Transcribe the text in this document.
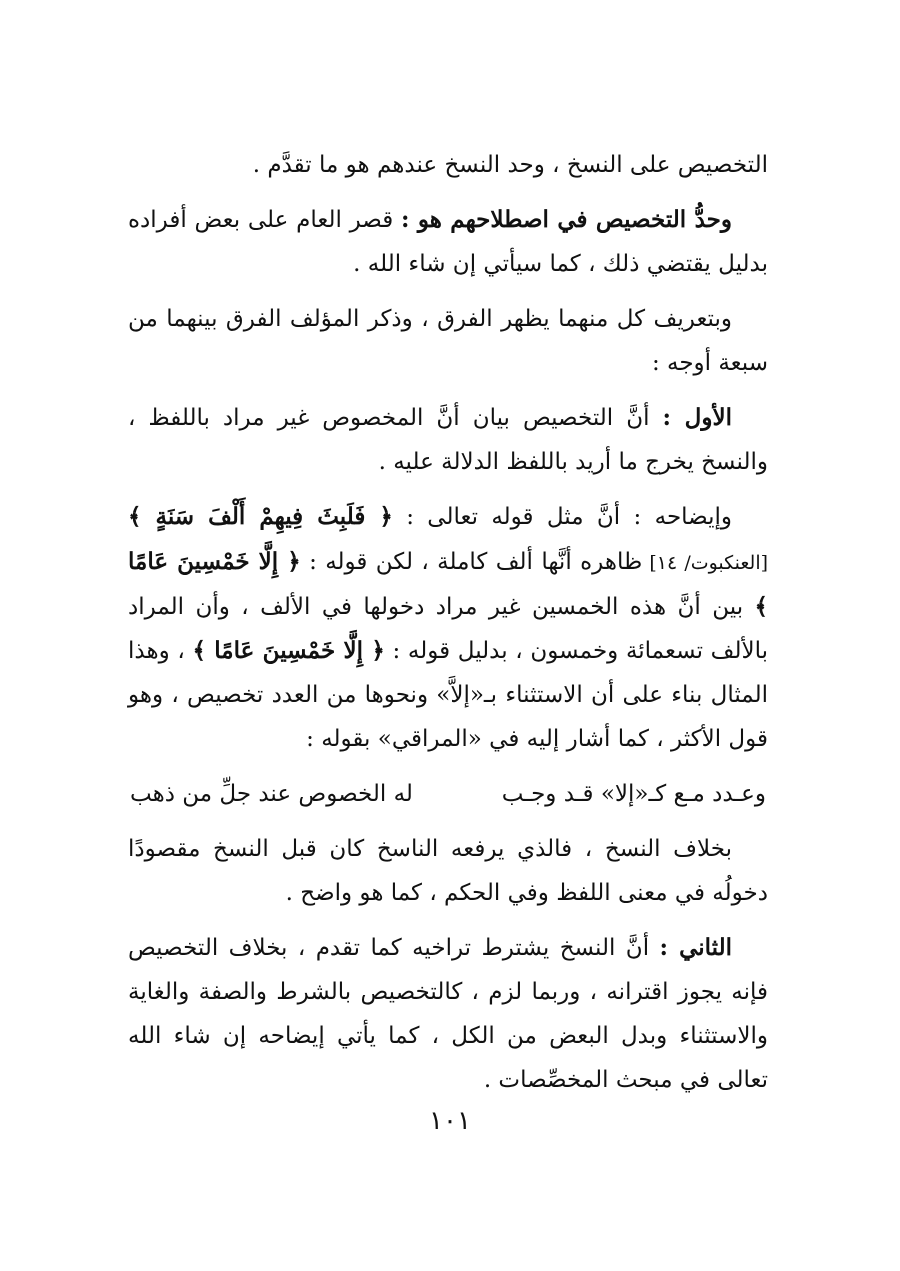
التخصيص على النسخ ، وحد النسخ عندهم هو ما تقدَّم .

وحدُّ التخصيص في اصطلاحهم هو : قصر العام على بعض أفراده بدليل يقتضي ذلك ، كما سيأتي إن شاء الله .

وبتعريف كل منهما يظهر الفرق ، وذكر المؤلف الفرق بينهما من سبعة أوجه :

الأول : أنَّ التخصيص بيان أنَّ المخصوص غير مراد باللفظ ، والنسخ يخرج ما أريد باللفظ الدلالة عليه .

وإيضاحه : أنَّ مثل قوله تعالى : ﴿ فَلَبِثَ فِيهِمْ أَلْفَ سَنَةٍ ﴾ [العنكبوت/ ١٤] ظاهره أنَّها ألف كاملة ، لكن قوله : ﴿ إِلَّا خَمْسِينَ عَامًا ﴾ بين أنَّ هذه الخمسين غير مراد دخولها في الألف ، وأن المراد بالألف تسعمائة وخمسون ، بدليل قوله : ﴿ إِلَّا خَمْسِينَ عَامًا ﴾ ، وهذا المثال بناء على أن الاستثناء بـ«إلاَّ» ونحوها من العدد تخصيص ، وهو قول الأكثر ، كما أشار إليه في «المراقي» بقوله :

وعـدد مـع كـ«إلا» قـد وجـب
له الخصوص عند جلِّ من ذهب

بخلاف النسخ ، فالذي يرفعه الناسخ كان قبل النسخ مقصودًا دخولُه في معنى اللفظ وفي الحكم ، كما هو واضح .

الثاني : أنَّ النسخ يشترط تراخيه كما تقدم ، بخلاف التخصيص فإنه يجوز اقترانه ، وربما لزم ، كالتخصيص بالشرط والصفة والغاية والاستثناء وبدل البعض من الكل ، كما يأتي إيضاحه إن شاء الله تعالى في مبحث المخصِّصات .

١٠١
